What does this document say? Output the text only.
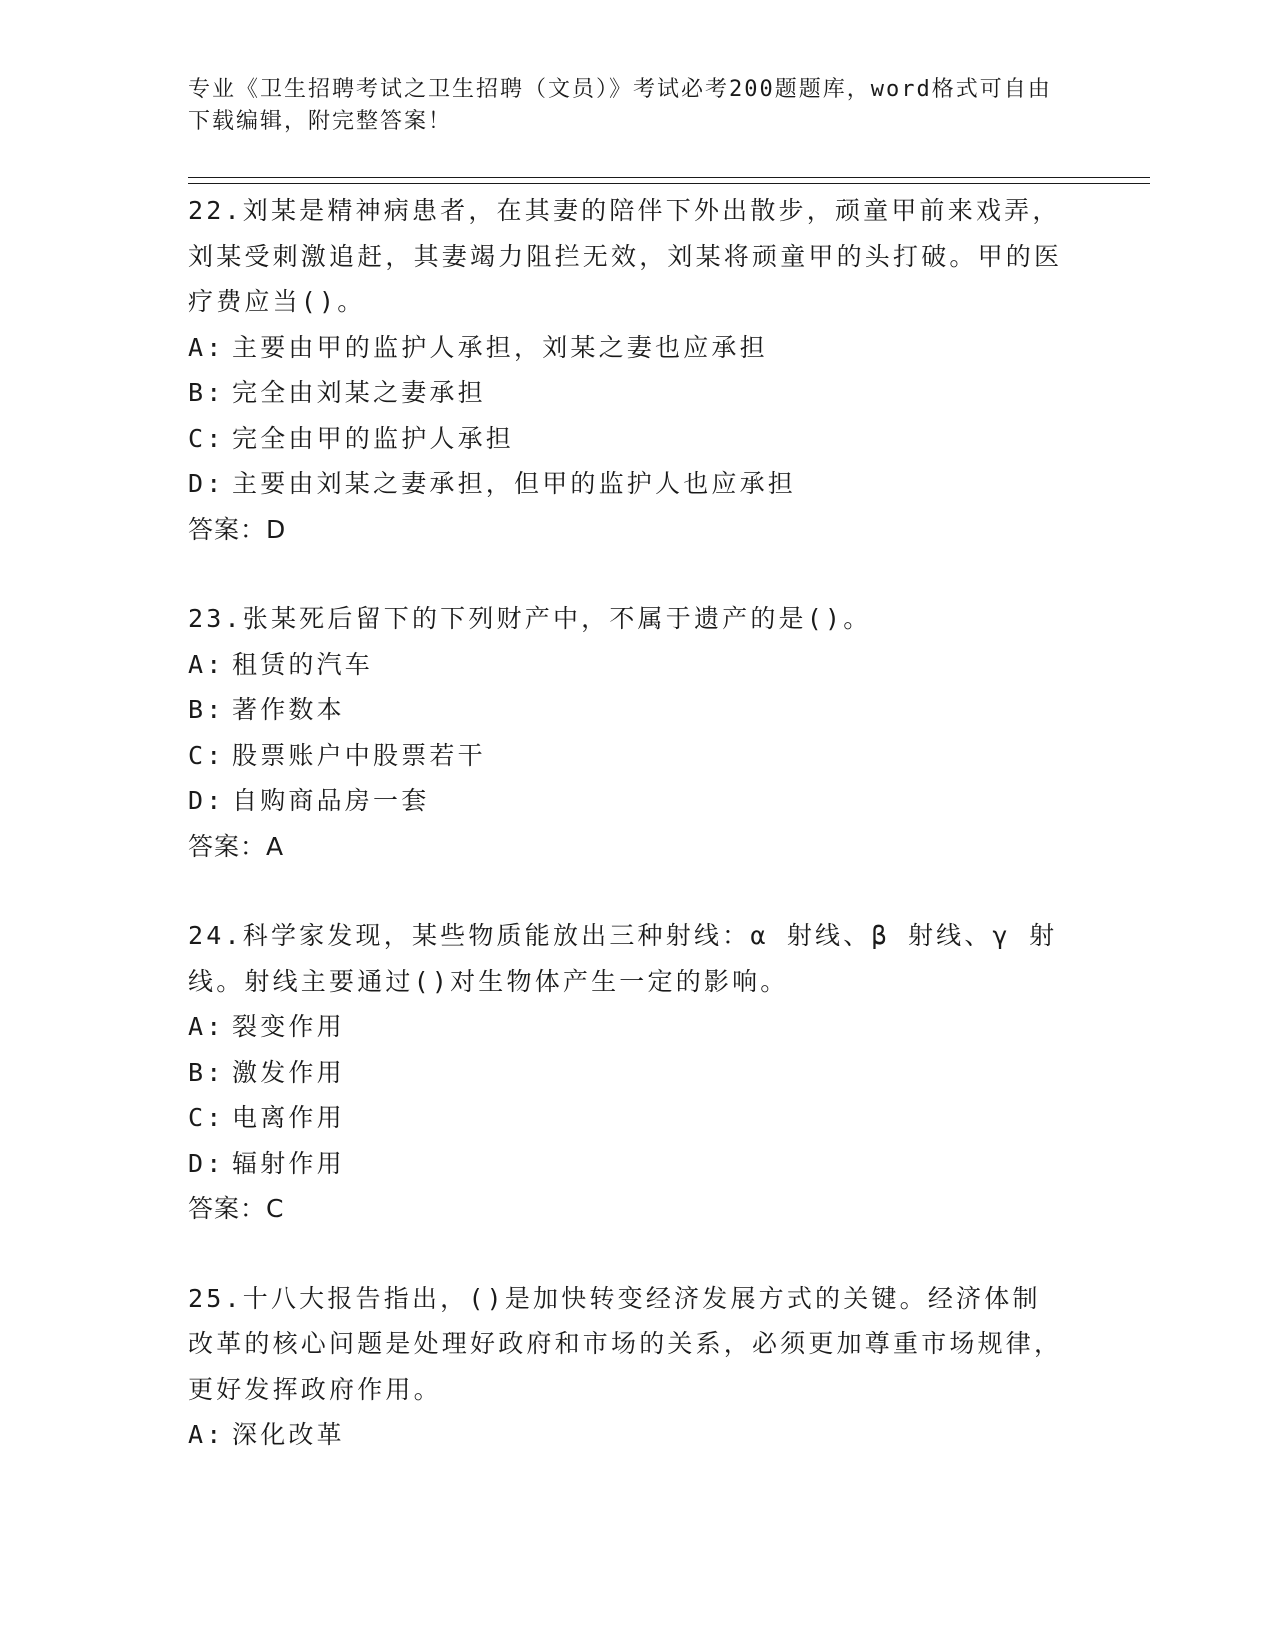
专业《卫生招聘考试之卫生招聘（文员）》考试必考200题题库，word格式可自由下载编辑，附完整答案！
22.刘某是精神病患者，在其妻的陪伴下外出散步，顽童甲前来戏弄，刘某受刺激追赶，其妻竭力阻拦无效，刘某将顽童甲的头打破。甲的医疗费应当()。
A: 主要由甲的监护人承担，刘某之妻也应承担
B: 完全由刘某之妻承担
C: 完全由甲的监护人承担
D: 主要由刘某之妻承担，但甲的监护人也应承担
答案：D
23.张某死后留下的下列财产中，不属于遗产的是()。
A: 租赁的汽车
B: 著作数本
C: 股票账户中股票若干
D: 自购商品房一套
答案：A
24.科学家发现，某些物质能放出三种射线：α 射线、β 射线、γ 射线。射线主要通过()对生物体产生一定的影响。
A: 裂变作用
B: 激发作用
C: 电离作用
D: 辐射作用
答案：C
25.十八大报告指出，()是加快转变经济发展方式的关键。经济体制改革的核心问题是处理好政府和市场的关系，必须更加尊重市场规律，更好发挥政府作用。
A: 深化改革
